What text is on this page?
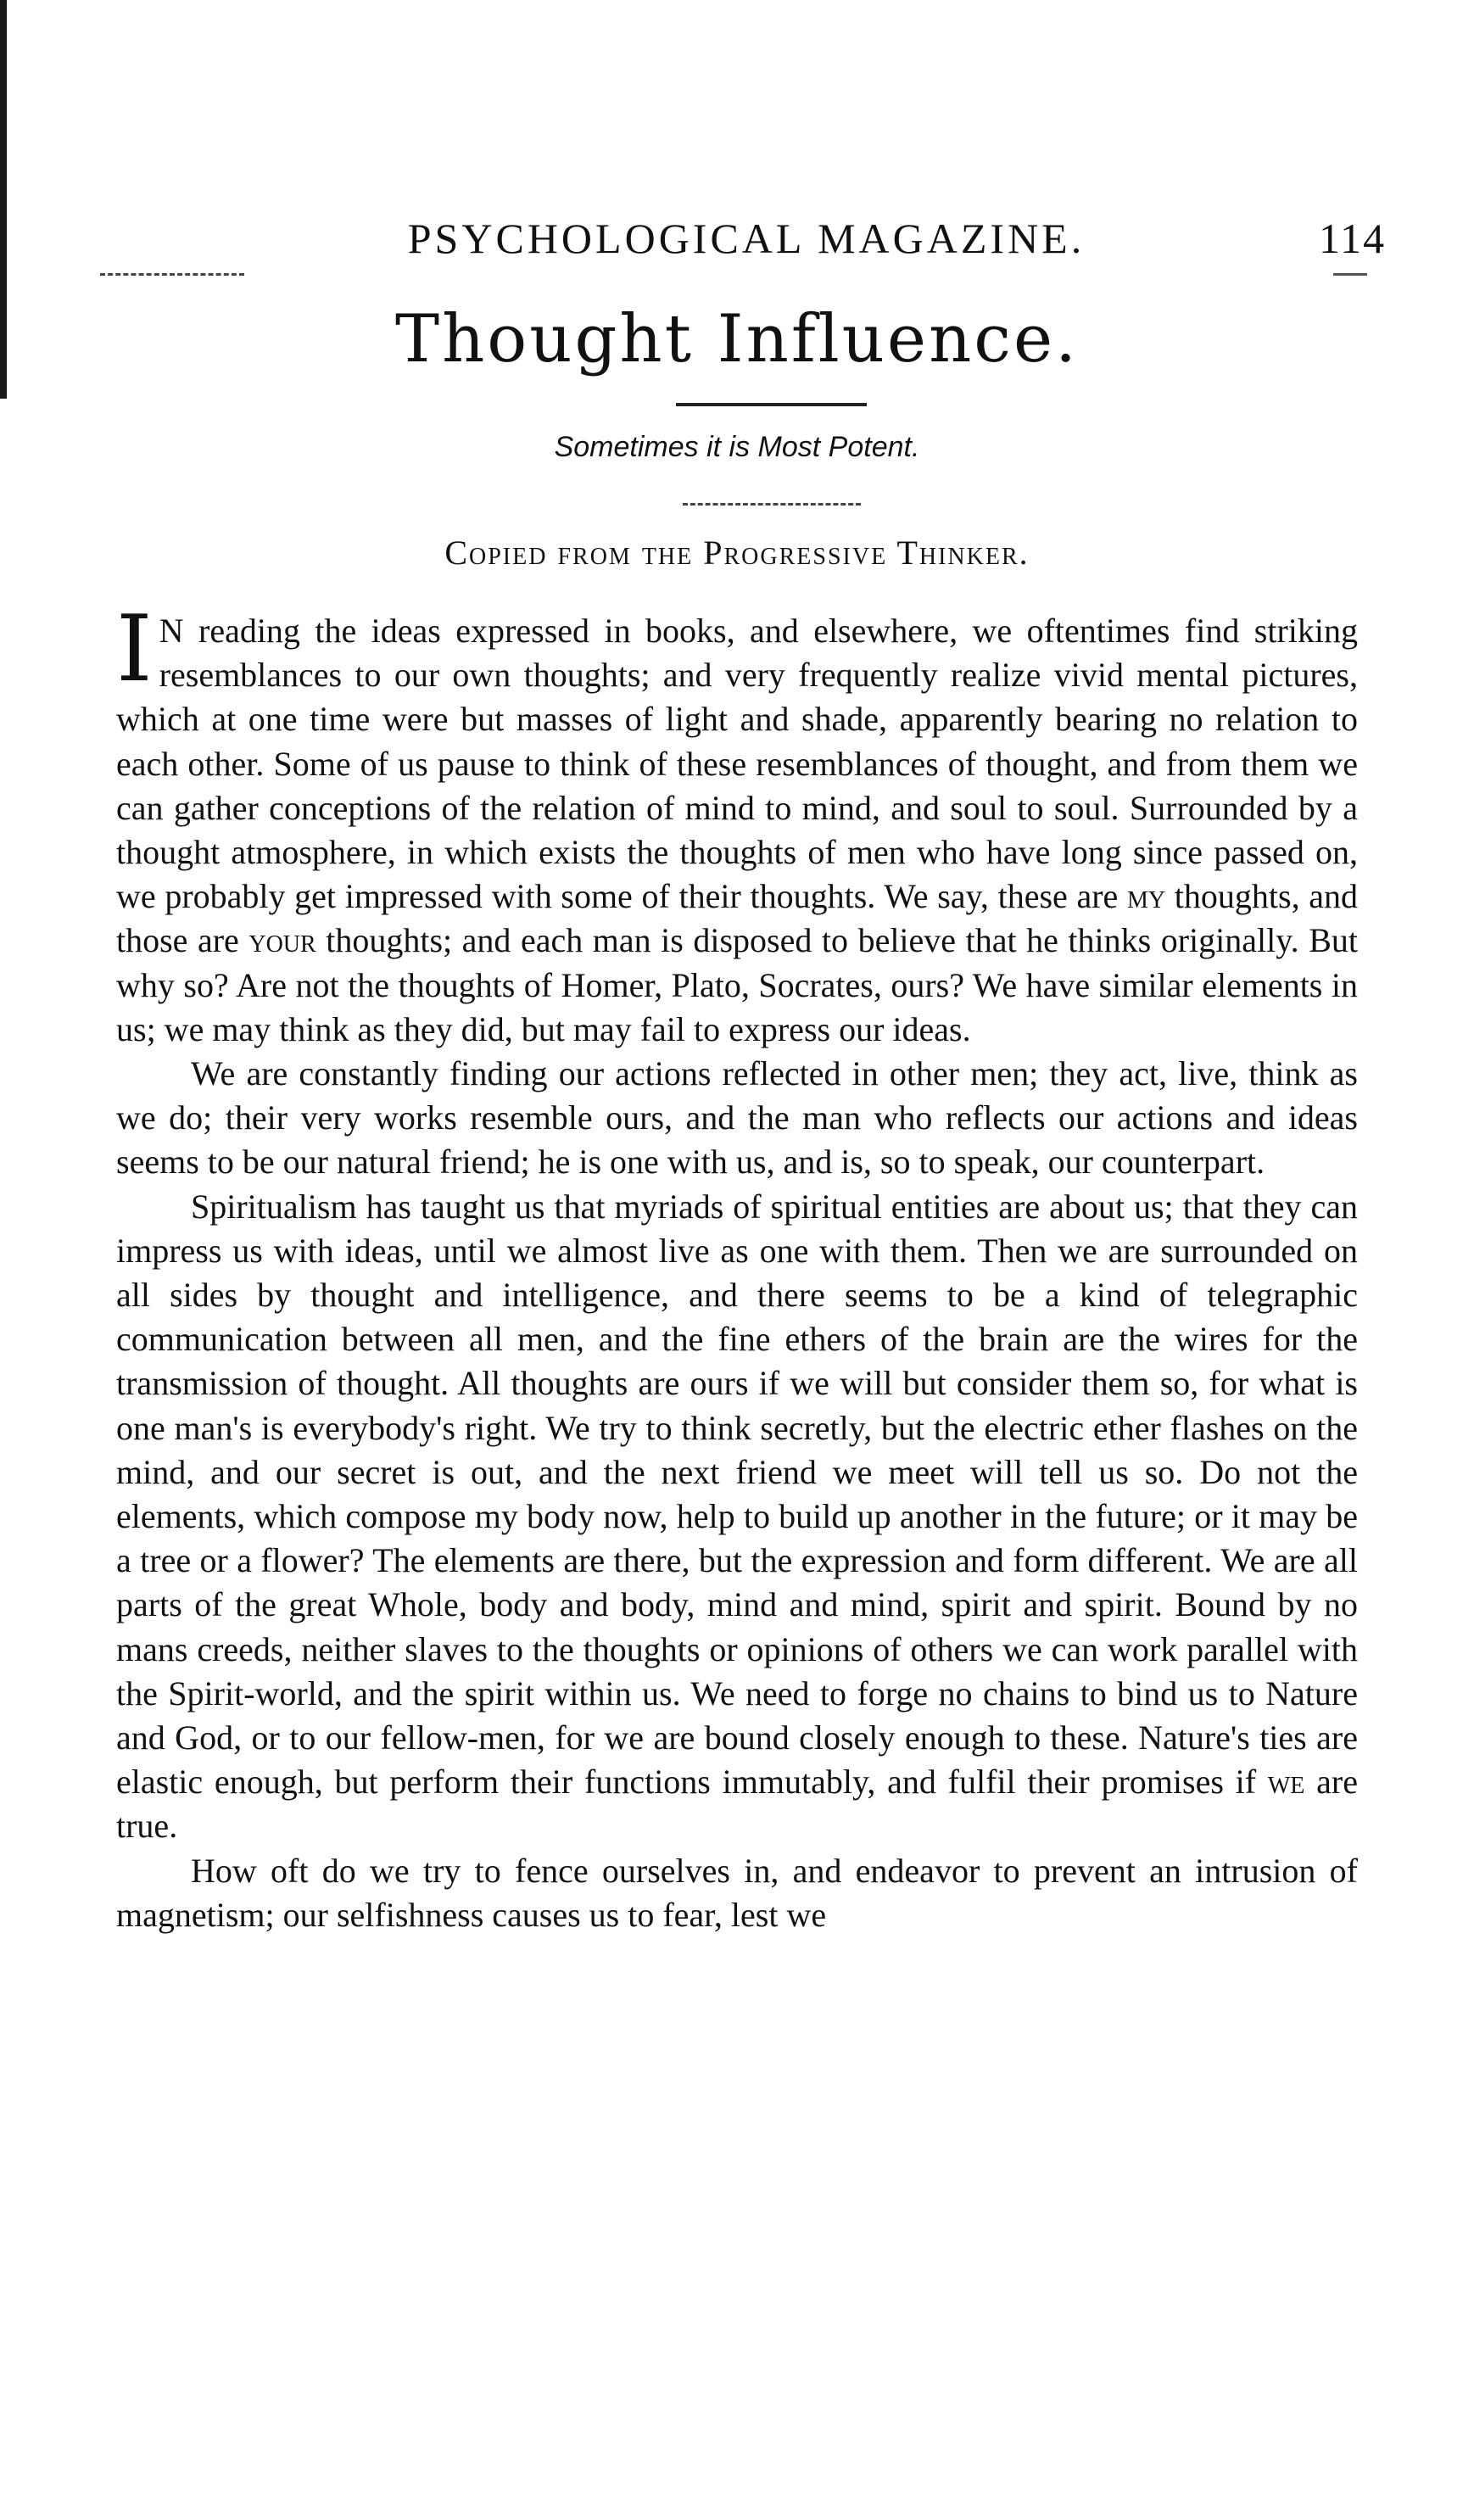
PSYCHOLOGICAL MAGAZINE.	114
Thought Influence.
Sometimes it is Most Potent.
Copied from the Progressive Thinker.

I N reading the ideas expressed in books, and elsewhere, we oftentimes find striking resemblances to our own thoughts; and very frequently realize vivid mental pictures, which at one time were but masses of light and shade, apparently bearing no relation to each other. Some of us pause to think of these resemblances of thought, and from them we can gather conceptions of the relation of mind to mind, and soul to soul. Surrounded by a thought atmosphere, in which exists the thoughts of men who have long since passed on, we probably get impressed with some of their thoughts. We say, these are my thoughts, and those are your thoughts; and each man is disposed to believe that he thinks originally. But why so? Are not the thoughts of Homer, Plato, Socrates, ours? We have similar elements in us; we may think as they did, but may fail to express our ideas.

We are constantly finding our actions reflected in other men; they act, live, think as we do; their very works resemble ours, and the man who reflects our actions and ideas seems to be our natural friend; he is one with us, and is, so to speak, our counterpart.

Spiritualism has taught us that myriads of spiritual entities are about us; that they can impress us with ideas, until we almost live as one with them. Then we are surrounded on all sides by thought and intelligence, and there seems to be a kind of telegraphic communication between all men, and the fine ethers of the brain are the wires for the transmission of thought. All thoughts are ours if we will but consider them so, for what is one man's is everybody's right. We try to think secretly, but the electric ether flashes on the mind, and our secret is out, and the next friend we meet will tell us so. Do not the elements, which compose my body now, help to build up another in the future; or it may be a tree or a flower? The elements are there, but the expression and form different. We are all parts of the great Whole, body and body, mind and mind, spirit and spirit. Bound by no mans creeds, neither slaves to the thoughts or opinions of others we can work parallel with the Spirit-world, and the spirit within us. We need to forge no chains to bind us to Nature and God, or to our fellow-men, for we are bound closely enough to these. Nature's ties are elastic enough, but perform their functions immutably, and fulfil their promises if we are true.

How oft do we try to fence ourselves in, and endeavor to prevent an intrusion of magnetism; our selfishness causes us to fear, lest we
